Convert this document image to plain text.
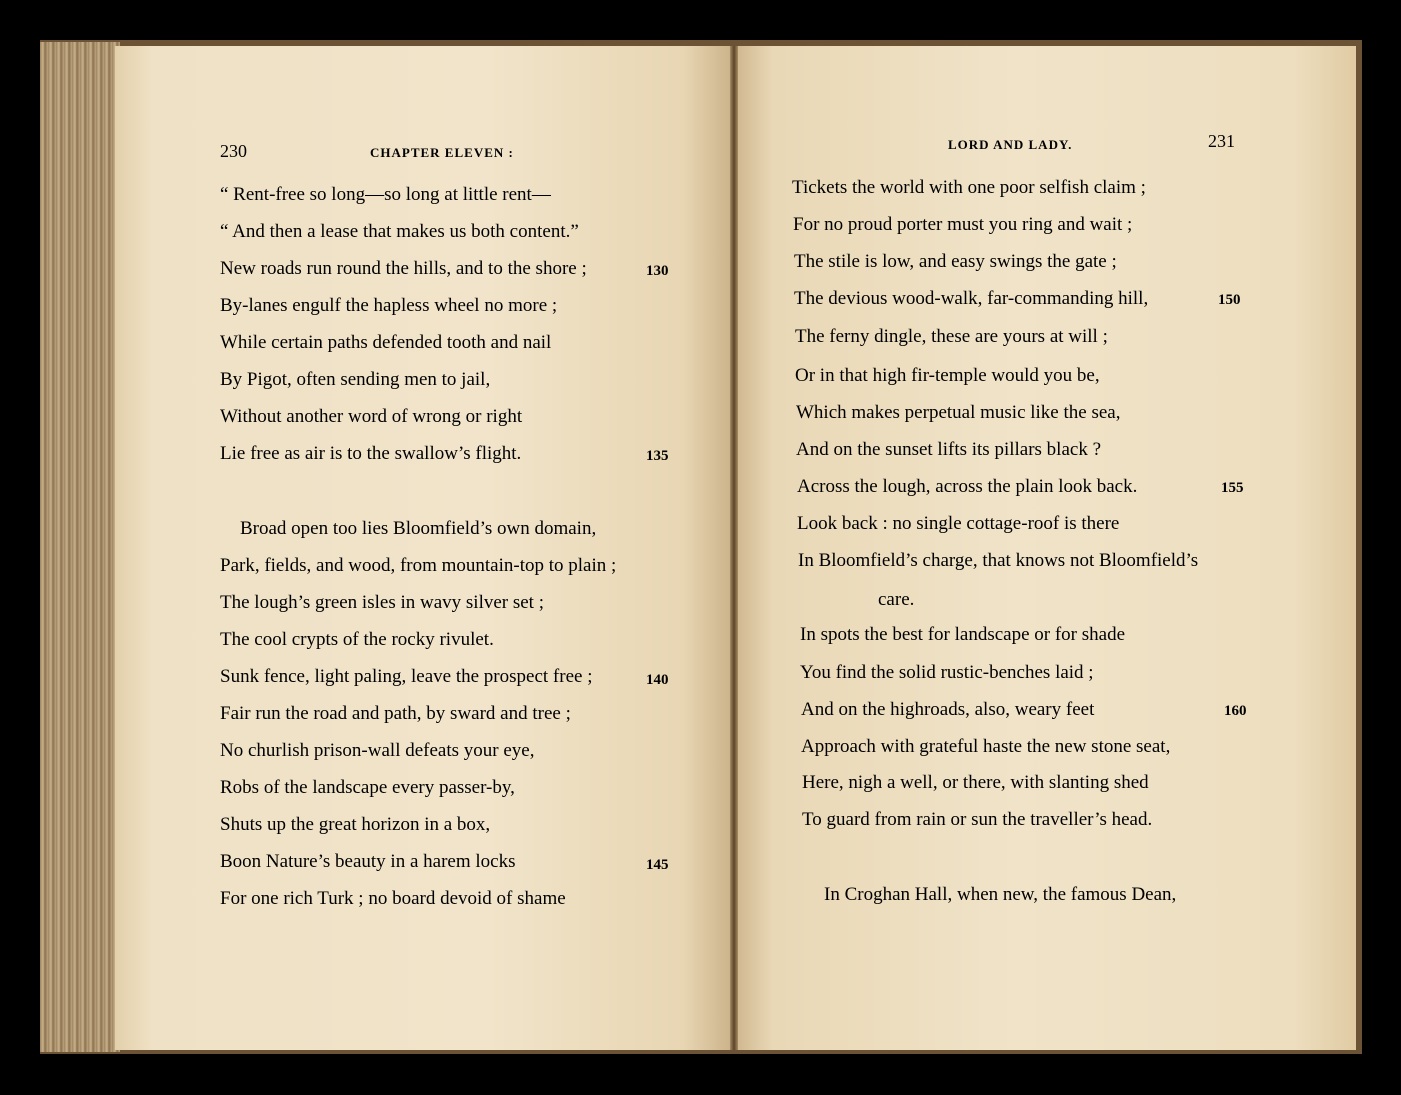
230	CHAPTER ELEVEN :
“ Rent-free so long—so long at little rent—
“ And then a lease that makes us both content.”
New roads run round the hills, and to the shore ;
By-lanes engulf the hapless wheel no more ;
While certain paths defended tooth and nail
By Pigot, often sending men to jail,
Without another word of wrong or right
Lie free as air is to the swallow’s flight.
Broad open too lies Bloomfield’s own domain,
Park, fields, and wood, from mountain-top to plain ;
The lough’s green isles in wavy silver set ;
The cool crypts of the rocky rivulet.
Sunk fence, light paling, leave the prospect free ;
Fair run the road and path, by sward and tree ;
No churlish prison-wall defeats your eye,
Robs of the landscape every passer-by,
Shuts up the great horizon in a box,
Boon Nature’s beauty in a harem locks
For one rich Turk ; no board devoid of shame
130
135
140
145
LORD AND LADY.	231
Tickets the world with one poor selfish claim ;
For no proud porter must you ring and wait ;
The stile is low, and easy swings the gate ;
The devious wood-walk, far-commanding hill,
The ferny dingle, these are yours at will ;
Or in that high fir-temple would you be,
Which makes perpetual music like the sea,
And on the sunset lifts its pillars black ?
Across the lough, across the plain look back.
Look back : no single cottage-roof is there
In Bloomfield’s charge, that knows not Bloomfield’s
care.
In spots the best for landscape or for shade
You find the solid rustic-benches laid ;
And on the highroads, also, weary feet
Approach with grateful haste the new stone seat,
Here, nigh a well, or there, with slanting shed
To guard from rain or sun the traveller’s head.
In Croghan Hall, when new, the famous Dean,
150
155
160
